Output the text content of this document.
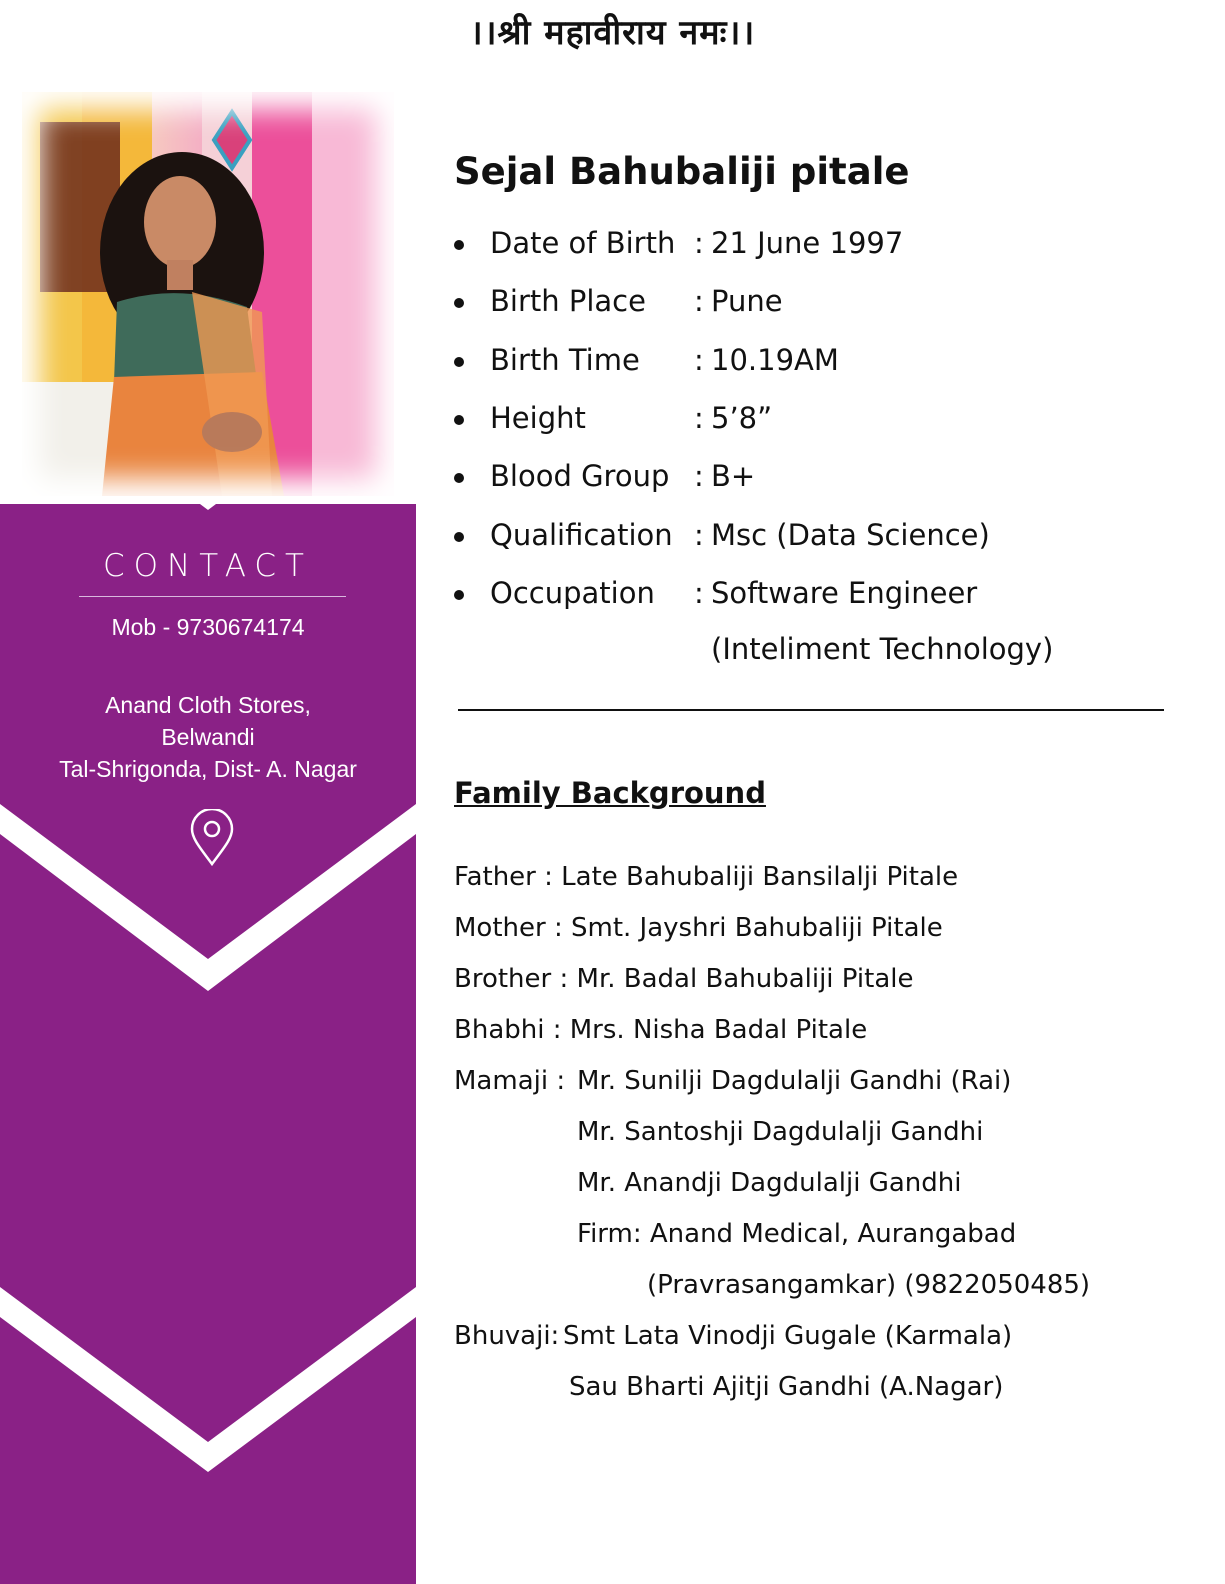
।।श्री महावीराय नमः।।
CONTACT
Mob - 9730674174
Anand Cloth Stores,
Belwandi
Tal-Shrigonda, Dist- A. Nagar
Sejal Bahubaliji pitale
Date of Birth : 21 June 1997
Birth Place : Pune
Birth Time : 10.19AM
Height	: 5’8”
Blood Group : B+
Qualification : Msc (Data Science)
Occupation : Software Engineer
(Inteliment Technology)
Family Background
Father : Late Bahubaliji Bansilalji Pitale
Mother : Smt. Jayshri Bahubaliji Pitale
Brother : Mr. Badal Bahubaliji Pitale
Bhabhi : Mrs. Nisha Badal Pitale
Mamaji : Mr. Sunilji Dagdulalji Gandhi (Rai)
Mr. Santoshji Dagdulalji Gandhi
Mr. Anandji Dagdulalji Gandhi
Firm: Anand Medical, Aurangabad
(Pravrasangamkar) (9822050485)
Bhuvaji: Smt Lata Vinodji Gugale (Karmala)
Sau Bharti Ajitji Gandhi (A.Nagar)
